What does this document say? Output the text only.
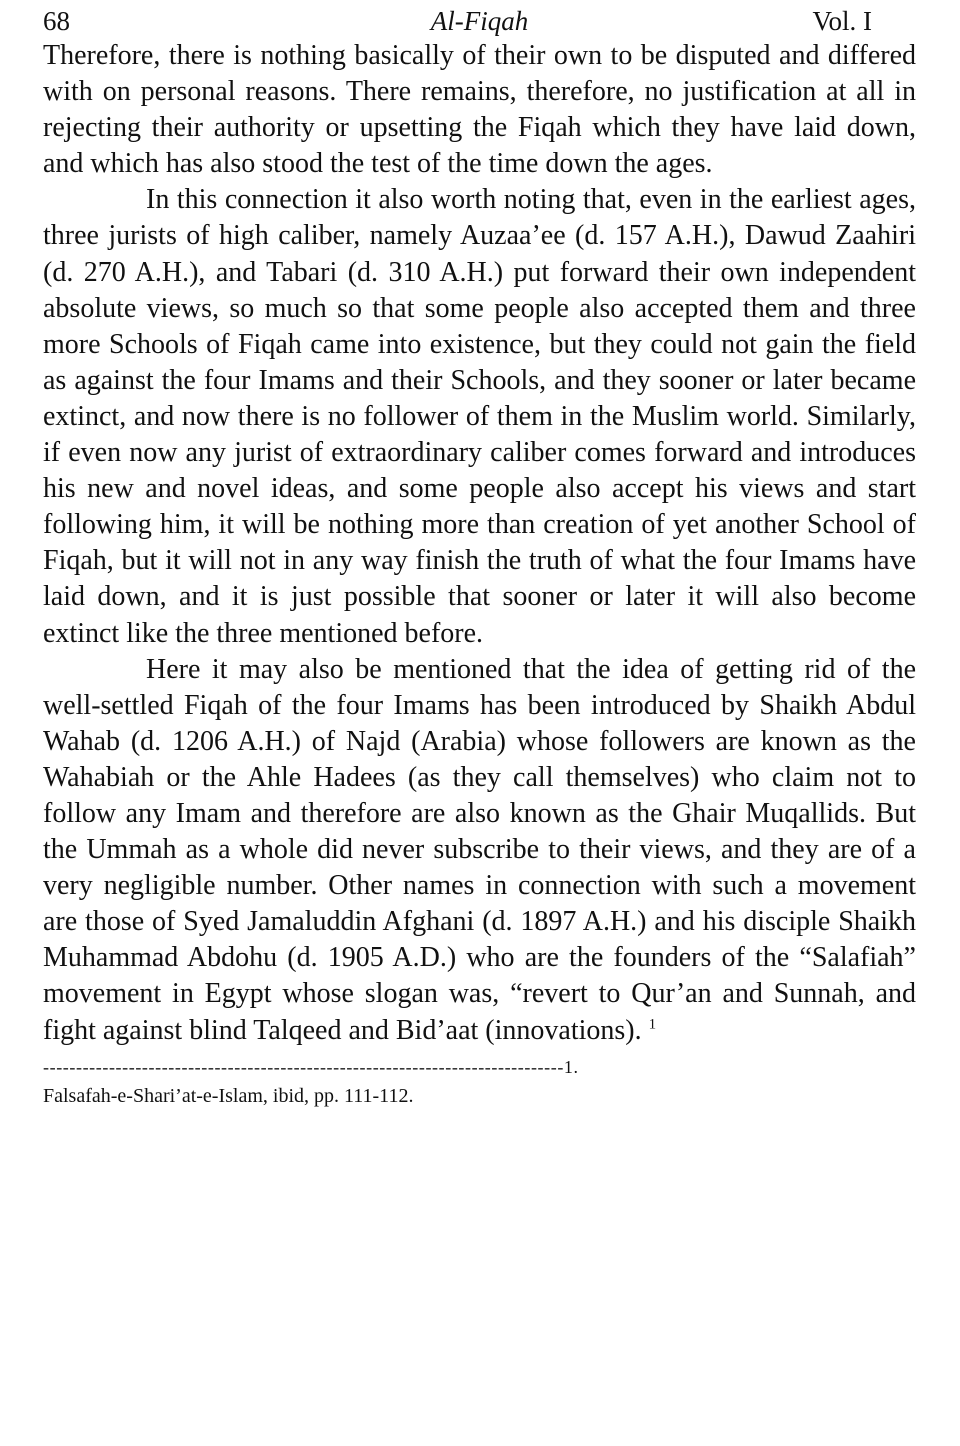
68	Al-Fiqah	Vol. I

Therefore, there is nothing basically of their own to be disputed and differed with on personal reasons. There remains, therefore, no justification at all in rejecting their authority or upsetting the Fiqah which they have laid down, and which has also stood the test of the time down the ages.

In this connection it also worth noting that, even in the earliest ages, three jurists of high caliber, namely Auzaa’ee (d. 157 A.H.), Dawud Zaahiri (d. 270 A.H.), and Tabari (d. 310 A.H.) put forward their own independent absolute views, so much so that some people also accepted them and three more Schools of Fiqah came into existence, but they could not gain the field as against the four Imams and their Schools, and they sooner or later became extinct, and now there is no follower of them in the Muslim world. Similarly, if even now any jurist of extraordinary caliber comes forward and introduces his new and novel ideas, and some people also accept his views and start following him, it will be nothing more than creation of yet another School of Fiqah, but it will not in any way finish the truth of what the four Imams have laid down, and it is just possible that sooner or later it will also become extinct like the three mentioned before.

Here it may also be mentioned that the idea of getting rid of the well-settled Fiqah of the four Imams has been introduced by Shaikh Abdul Wahab (d. 1206 A.H.) of Najd (Arabia) whose followers are known as the Wahabiah or the Ahle Hadees (as they call themselves) who claim not to follow any Imam and therefore are also known as the Ghair Muqallids. But the Ummah as a whole did never subscribe to their views, and they are of a very negligible number. Other names in connection with such a movement are those of Syed Jamaluddin Afghani (d. 1897 A.H.) and his disciple Shaikh Muhammad Abdohu (d. 1905 A.D.) who are the founders of the “Salafiah” movement in Egypt whose slogan was, “revert to Qur’an and Sunnah, and fight against blind Talqeed and Bid’aat (innovations). $^1$

-------------------------------------------------------------------------------1.
Falsafah-e-Shari’at-e-Islam, ibid, pp. 111-112.
